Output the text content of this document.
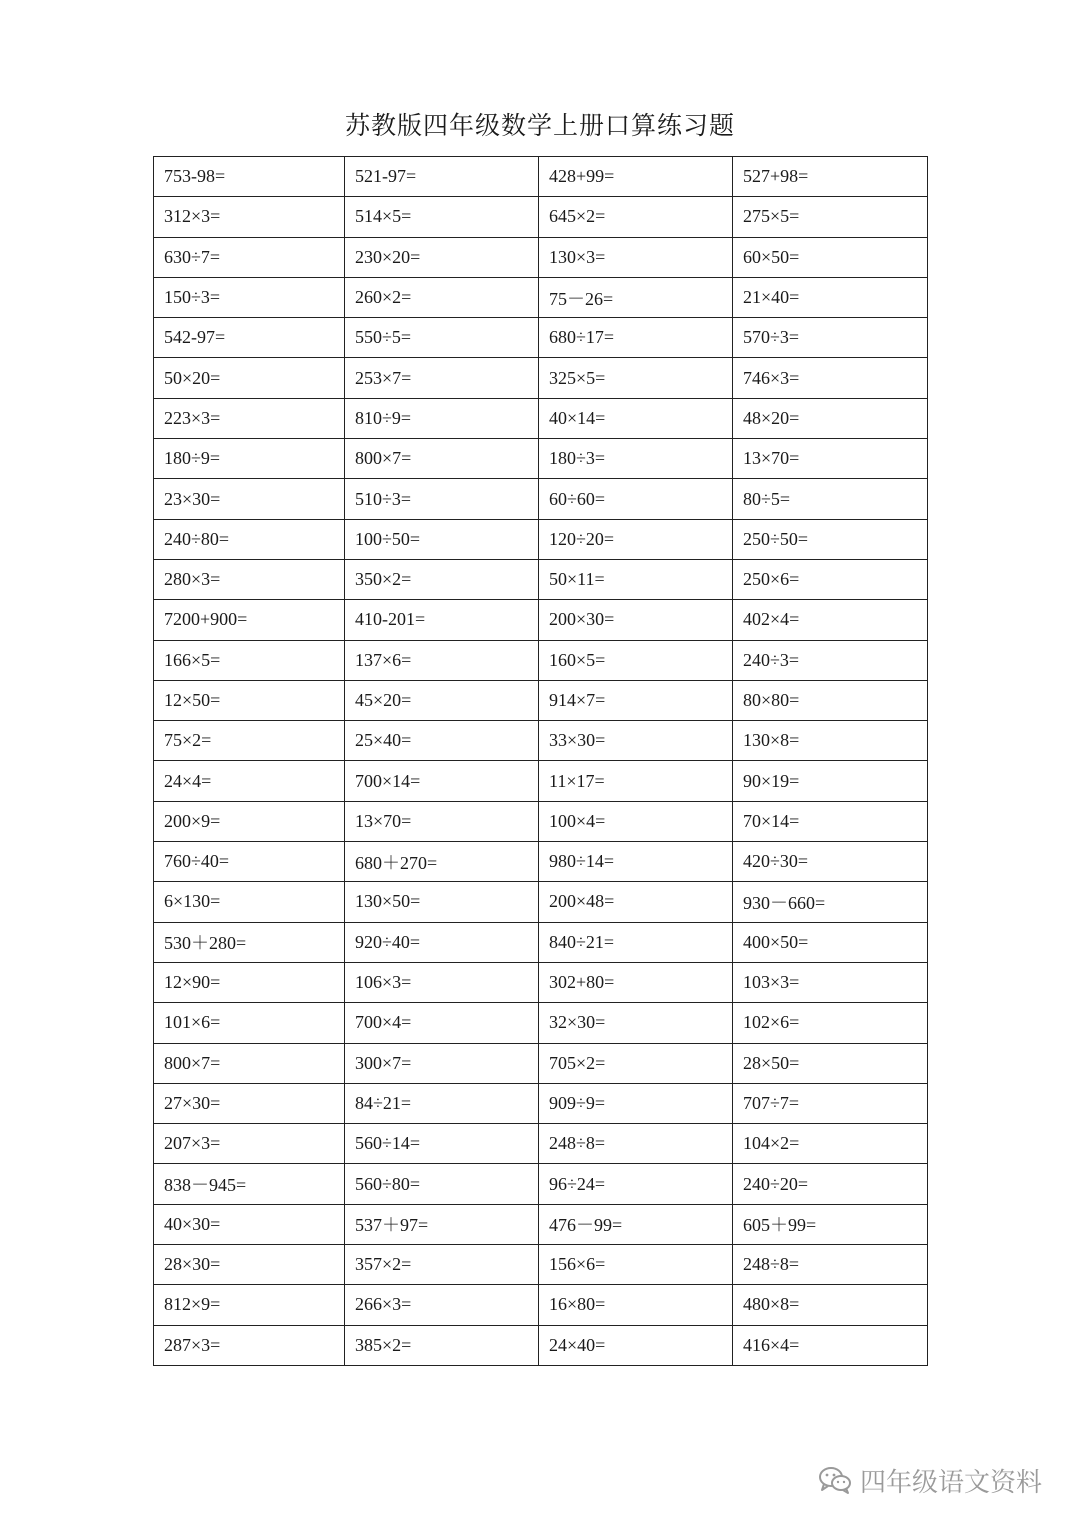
苏教版四年级数学上册口算练习题
753-98=	521-97=	428+99=	527+98=
312×3=	514×5=	645×2=	275×5=
630÷7=	230×20=	130×3=	60×50=
150÷3=	260×2=	75－26=	21×40=
542-97=	550÷5=	680÷17=	570÷3=
50×20=	253×7=	325×5=	746×3=
223×3=	810÷9=	40×14=	48×20=
180÷9=	800×7=	180÷3=	13×70=
23×30=	510÷3=	60÷60=	80÷5=
240÷80=	100÷50=	120÷20=	250÷50=
280×3=	350×2=	50×11=	250×6=
7200+900=	410-201=	200×30=	402×4=
166×5=	137×6=	160×5=	240÷3=
12×50=	45×20=	914×7=	80×80=
75×2=	25×40=	33×30=	130×8=
24×4=	700×14=	11×17=	90×19=
200×9=	13×70=	100×4=	70×14=
760÷40=	680＋270=	980÷14=	420÷30=
6×130=	130×50=	200×48=	930－660=
530＋280=	920÷40=	840÷21=	400×50=
12×90=	106×3=	302+80=	103×3=
101×6=	700×4=	32×30=	102×6=
800×7=	300×7=	705×2=	28×50=
27×30=	84÷21=	909÷9=	707÷7=
207×3=	560÷14=	248÷8=	104×2=
838－945=	560÷80=	96÷24=	240÷20=
40×30=	537＋97=	476－99=	605＋99=
28×30=	357×2=	156×6=	248÷8=
812×9=	266×3=	16×80=	480×8=
287×3=	385×2=	24×40=	416×4=
四年级语文资料
